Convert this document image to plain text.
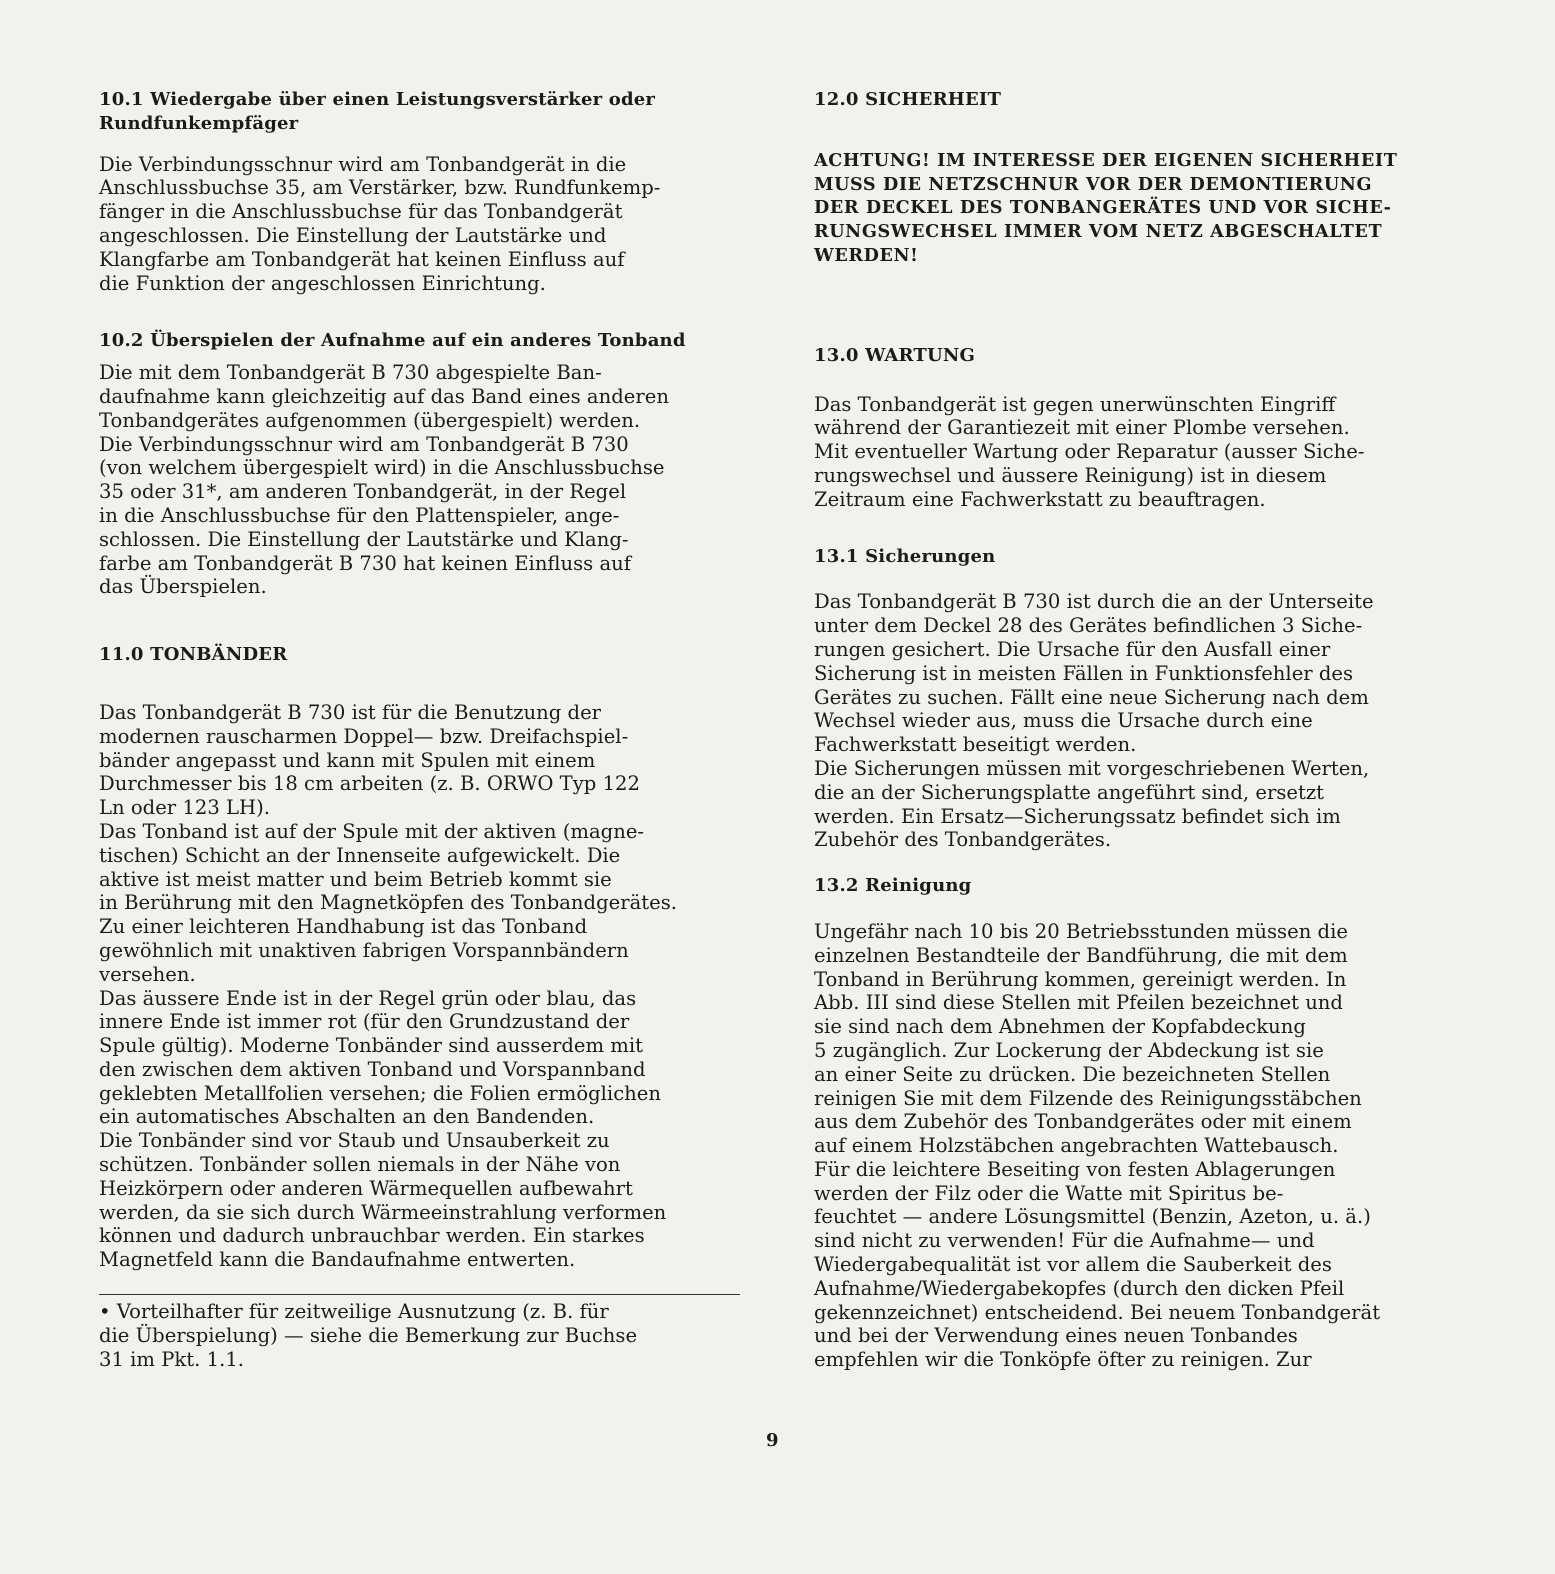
10.1 Wiedergabe über einen Leistungsverstärker oder
Rundfunkempfäger

Die Verbindungsschnur wird am Tonbandgerät in die
Anschlussbuchse 35, am Verstärker, bzw. Rundfunkemp-
fänger in die Anschlussbuchse für das Tonbandgerät
angeschlossen. Die Einstellung der Lautstärke und
Klangfarbe am Tonbandgerät hat keinen Einfluss auf
die Funktion der angeschlossen Einrichtung.

10.2 Überspielen der Aufnahme auf ein anderes Tonband

Die mit dem Tonbandgerät B 730 abgespielte Ban-
daufnahme kann gleichzeitig auf das Band eines anderen
Tonbandgerätes aufgenommen (übergespielt) werden.
Die Verbindungsschnur wird am Tonbandgerät B 730
(von welchem übergespielt wird) in die Anschlussbuchse
35 oder 31*, am anderen Tonbandgerät, in der Regel
in die Anschlussbuchse für den Plattenspieler, ange-
schlossen. Die Einstellung der Lautstärke und Klang-
farbe am Tonbandgerät B 730 hat keinen Einfluss auf
das Überspielen.

11.0 TONBÄNDER

Das Tonbandgerät B 730 ist für die Benutzung der
modernen rauscharmen Doppel— bzw. Dreifachspiel-
bänder angepasst und kann mit Spulen mit einem
Durchmesser bis 18 cm arbeiten (z. B. ORWO Typ 122
Ln oder 123 LH).
Das Tonband ist auf der Spule mit der aktiven (magne-
tischen) Schicht an der Innenseite aufgewickelt. Die
aktive ist meist matter und beim Betrieb kommt sie
in Berührung mit den Magnetköpfen des Tonbandgerätes.
Zu einer leichteren Handhabung ist das Tonband
gewöhnlich mit unaktiven fabrigen Vorspannbändern
versehen.
Das äussere Ende ist in der Regel grün oder blau, das
innere Ende ist immer rot (für den Grundzustand der
Spule gültig). Moderne Tonbänder sind ausserdem mit
den zwischen dem aktiven Tonband und Vorspannband
geklebten Metallfolien versehen; die Folien ermöglichen
ein automatisches Abschalten an den Bandenden.
Die Tonbänder sind vor Staub und Unsauberkeit zu
schützen. Tonbänder sollen niemals in der Nähe von
Heizkörpern oder anderen Wärmequellen aufbewahrt
werden, da sie sich durch Wärmeeinstrahlung verformen
können und dadurch unbrauchbar werden. Ein starkes
Magnetfeld kann die Bandaufnahme entwerten.

• Vorteilhafter für zeitweilige Ausnutzung (z. B. für
die Überspielung) — siehe die Bemerkung zur Buchse
31 im Pkt. 1.1.
12.0 SICHERHEIT
ACHTUNG! IM INTERESSE DER EIGENEN SICHERHEIT
MUSS DIE NETZSCHNUR VOR DER DEMONTIERUNG
DER DECKEL DES TONBANGERÄTES UND VOR SICHE-
RUNGSWECHSEL IMMER VOM NETZ ABGESCHALTET
WERDEN!
13.0 WARTUNG

Das Tonbandgerät ist gegen unerwünschten Eingriff
während der Garantiezeit mit einer Plombe versehen.
Mit eventueller Wartung oder Reparatur (ausser Siche-
rungswechsel und äussere Reinigung) ist in diesem
Zeitraum eine Fachwerkstatt zu beauftragen.

13.1 Sicherungen

Das Tonbandgerät B 730 ist durch die an der Unterseite
unter dem Deckel 28 des Gerätes befindlichen 3 Siche-
rungen gesichert. Die Ursache für den Ausfall einer
Sicherung ist in meisten Fällen in Funktionsfehler des
Gerätes zu suchen. Fällt eine neue Sicherung nach dem
Wechsel wieder aus, muss die Ursache durch eine
Fachwerkstatt beseitigt werden.
Die Sicherungen müssen mit vorgeschriebenen Werten,
die an der Sicherungsplatte angeführt sind, ersetzt
werden. Ein Ersatz—Sicherungssatz befindet sich im
Zubehör des Tonbandgerätes.

13.2 Reinigung

Ungefähr nach 10 bis 20 Betriebsstunden müssen die
einzelnen Bestandteile der Bandführung, die mit dem
Tonband in Berührung kommen, gereinigt werden. In
Abb. III sind diese Stellen mit Pfeilen bezeichnet und
sie sind nach dem Abnehmen der Kopfabdeckung
5 zugänglich. Zur Lockerung der Abdeckung ist sie
an einer Seite zu drücken. Die bezeichneten Stellen
reinigen Sie mit dem Filzende des Reinigungsstäbchen
aus dem Zubehör des Tonbandgerätes oder mit einem
auf einem Holzstäbchen angebrachten Wattebausch.
Für die leichtere Beseiting von festen Ablagerungen
werden der Filz oder die Watte mit Spiritus be-
feuchtet — andere Lösungsmittel (Benzin, Azeton, u. ä.)
sind nicht zu verwenden! Für die Aufnahme— und
Wiedergabequalität ist vor allem die Sauberkeit des
Aufnahme/Wiedergabekopfes (durch den dicken Pfeil
gekennzeichnet) entscheidend. Bei neuem Tonbandgerät
und bei der Verwendung eines neuen Tonbandes
empfehlen wir die Tonköpfe öfter zu reinigen. Zur

9
